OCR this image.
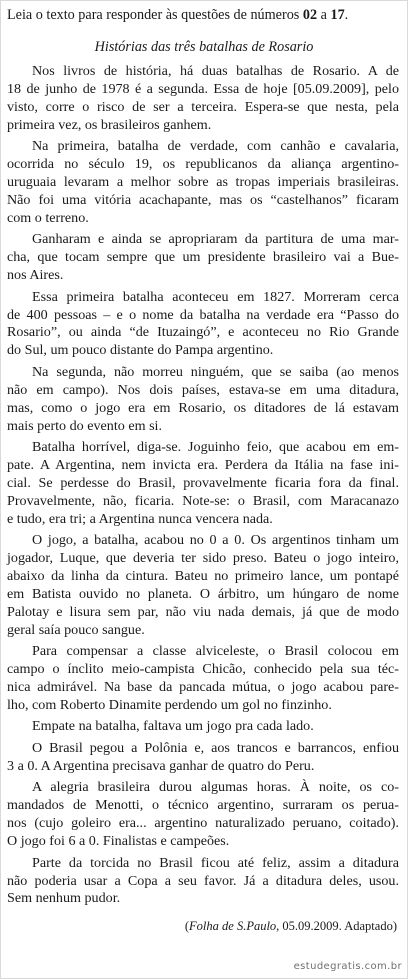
Leia o texto para responder às questões de números 02 a 17.
Histórias das três batalhas de Rosario
Nos livros de história, há duas batalhas de Rosario. A de
18 de junho de 1978 é a segunda. Essa de hoje [05.09.2009], pelo
visto, corre o risco de ser a terceira. Espera-se que nesta, pela
primeira vez, os brasileiros ganhem.
Na primeira, batalha de verdade, com canhão e cavalaria,
ocorrida no século 19, os republicanos da aliança argentino-
uruguaia levaram a melhor sobre as tropas imperiais brasileiras.
Não foi uma vitória acachapante, mas os “castelhanos” ficaram
com o terreno.
Ganharam e ainda se apropriaram da partitura de uma mar-
cha, que tocam sempre que um presidente brasileiro vai a Bue-
nos Aires.
Essa primeira batalha aconteceu em 1827. Morreram cerca
de 400 pessoas – e o nome da batalha na verdade era “Passo do
Rosario”, ou ainda “de Ituzaingó”, e aconteceu no Rio Grande
do Sul, um pouco distante do Pampa argentino.
Na segunda, não morreu ninguém, que se saiba (ao menos
não em campo). Nos dois países, estava-se em uma ditadura,
mas, como o jogo era em Rosario, os ditadores de lá estavam
mais perto do evento em si.
Batalha horrível, diga-se. Joguinho feio, que acabou em em-
pate. A Argentina, nem invicta era. Perdera da Itália na fase ini-
cial. Se perdesse do Brasil, provavelmente ficaria fora da final.
Provavelmente, não, ficaria. Note-se: o Brasil, com Maracanazo
e tudo, era tri; a Argentina nunca vencera nada.
O jogo, a batalha, acabou no 0 a 0. Os argentinos tinham um
jogador, Luque, que deveria ter sido preso. Bateu o jogo inteiro,
abaixo da linha da cintura. Bateu no primeiro lance, um pontapé
em Batista ouvido no planeta. O árbitro, um húngaro de nome
Palotay e lisura sem par, não viu nada demais, já que de modo
geral saía pouco sangue.
Para compensar a classe alviceleste, o Brasil colocou em
campo o ínclito meio-campista Chicão, conhecido pela sua téc-
nica admirável. Na base da pancada mútua, o jogo acabou pare-
lho, com Roberto Dinamite perdendo um gol no finzinho.
Empate na batalha, faltava um jogo pra cada lado.
O Brasil pegou a Polônia e, aos trancos e barrancos, enfiou
3 a 0. A Argentina precisava ganhar de quatro do Peru.
A alegria brasileira durou algumas horas. À noite, os co-
mandados de Menotti, o técnico argentino, surraram os perua-
nos (cujo goleiro era... argentino naturalizado peruano, coitado).
O jogo foi 6 a 0. Finalistas e campeões.
Parte da torcida no Brasil ficou até feliz, assim a ditadura
não poderia usar a Copa a seu favor. Já a ditadura deles, usou.
Sem nenhum pudor.
(Folha de S.Paulo, 05.09.2009. Adaptado)
estudegratis.com.br
